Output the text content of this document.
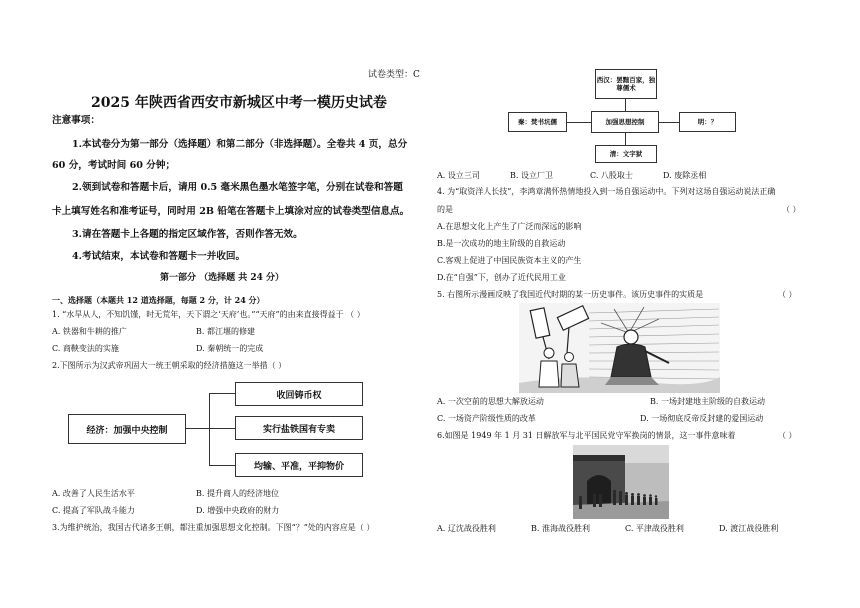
试卷类型：C
2025 年陕西省西安市新城区中考一模历史试卷
注意事项：
1.本试卷分为第一部分（选择题）和第二部分（非选择题）。全卷共 4 页，总分
60 分，考试时间 60 分钟；
2.领到试卷和答题卡后，请用 0.5 毫米黑色墨水笔签字笔，分别在试卷和答题
卡上填写姓名和准考证号，同时用 2B 铅笔在答题卡上填涂对应的试卷类型信息点。
3.请在答题卡上各题的指定区域作答，否则作答无效。
4.考试结束，本试卷和答题卡一并收回。
第一部分 （选择题 共 24 分）
一、选择题（本题共 12 道选择题，每题 2 分，计 24 分）
1. “水旱从人，不知饥馑，时无荒年，天下谓之‘天府’也。”“天府”的由来直接得益于 （ ）
A. 铁器和牛耕的推广	B. 都江堰的修建
C. 商鞅变法的实施	D. 秦朝统一的完成
2.下图所示为汉武帝巩固大一统王朝采取的经济措施这一举措（ ）
经济：加强中央控制
收回铸币权
实行盐铁国有专卖
均输、平准，平抑物价
A. 改善了人民生活水平	B. 提升商人的经济地位
C. 提高了军队战斗能力	D. 增强中央政府的财力
3.为维护统治，我国古代诸多王朝，都注重加强思想文化控制。下图“？”处的内容应是（ ）
西汉：罢黜百家，独尊儒术
加强思想控制
秦：焚书坑儒	明：？
清：文字狱
A. 设立三司	B. 设立厂卫	C. 八股取士	D. 废除丞相
4. 为“取资洋人长技”，李鸿章满怀热情地投入到一场自强运动中。下列对这场自强运动说法正确
的是	（ ）
A.在思想文化上产生了广泛而深远的影响
B.是一次成功的地主阶级的自救运动
C.客观上促进了中国民族资本主义的产生
D.在“自强”下，创办了近代民用工业
5. 右图所示漫画反映了我国近代时期的某一历史事件。该历史事件的实质是	（ ）
A. 一次空前的思想大解放运动	B. 一场封建地主阶级的自救运动
C. 一场资产阶级性质的改革	D. 一场彻底反帝反封建的爱国运动
6.如图是 1949 年 1 月 31 日解放军与北平国民党守军换岗的情景，这一事件意味着	（ ）
A. 辽沈战役胜利	B. 淮海战役胜利	C. 平津战役胜利	D. 渡江战役胜利
